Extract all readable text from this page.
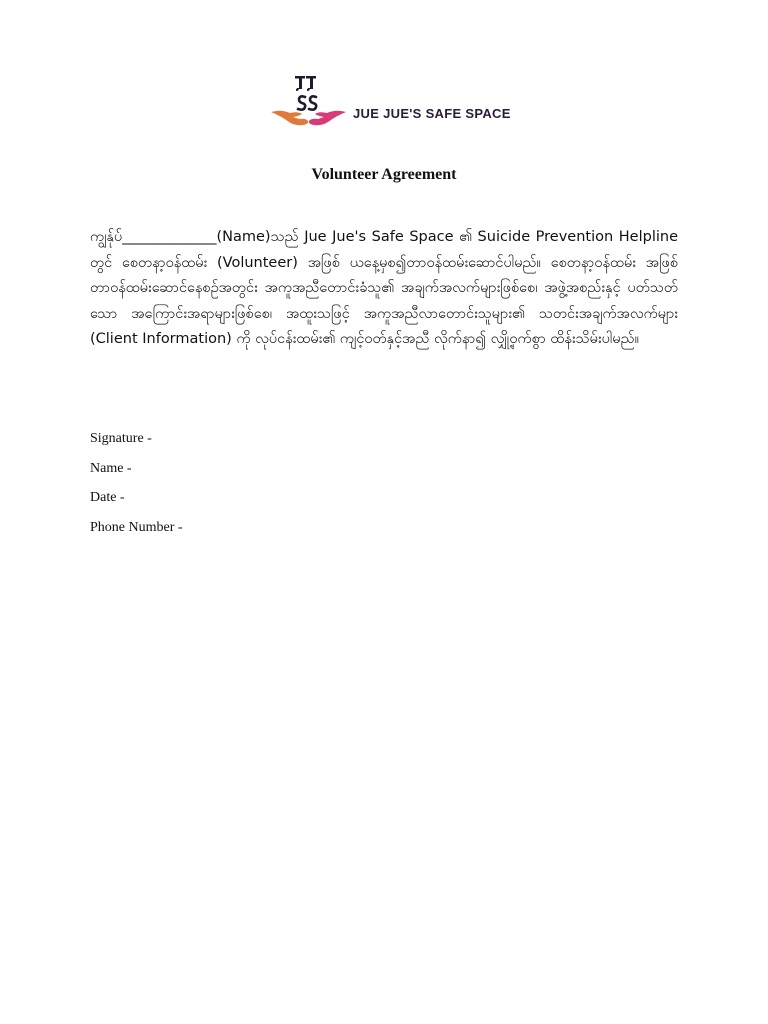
JUE JUE'S SAFE SPACE
Volunteer Agreement
ကျွန်ုပ်_____________(Name)သည် Jue Jue's Safe Space ၏ Suicide Prevention Helpline တွင် စေတနာ့ဝန်ထမ်း (Volunteer) အဖြစ် ယနေ့မှစ၍တာဝန်ထမ်းဆောင်ပါမည်။ စေတနာ့ဝန်ထမ်း အဖြစ် တာဝန်ထမ်းဆောင်နေစဉ်အတွင်း အကူအညီတောင်းခံသူ၏ အချက်အလက်များဖြစ်စေ၊ အဖွဲ့အစည်းနှင့် ပတ်သတ်သော အကြောင်းအရာများဖြစ်စေ၊ အထူးသဖြင့် အကူအညီလာတောင်းသူများ၏ သတင်းအချက်အလက်များ (Client Information) ကို လုပ်ငန်းထမ်း၏ ကျင့်ဝတ်နှင့်အညီ လိုက်နာ၍ လျှို့ဝှက်စွာ ထိန်းသိမ်းပါမည်။
Signature -
Name -
Date -
Phone Number -
